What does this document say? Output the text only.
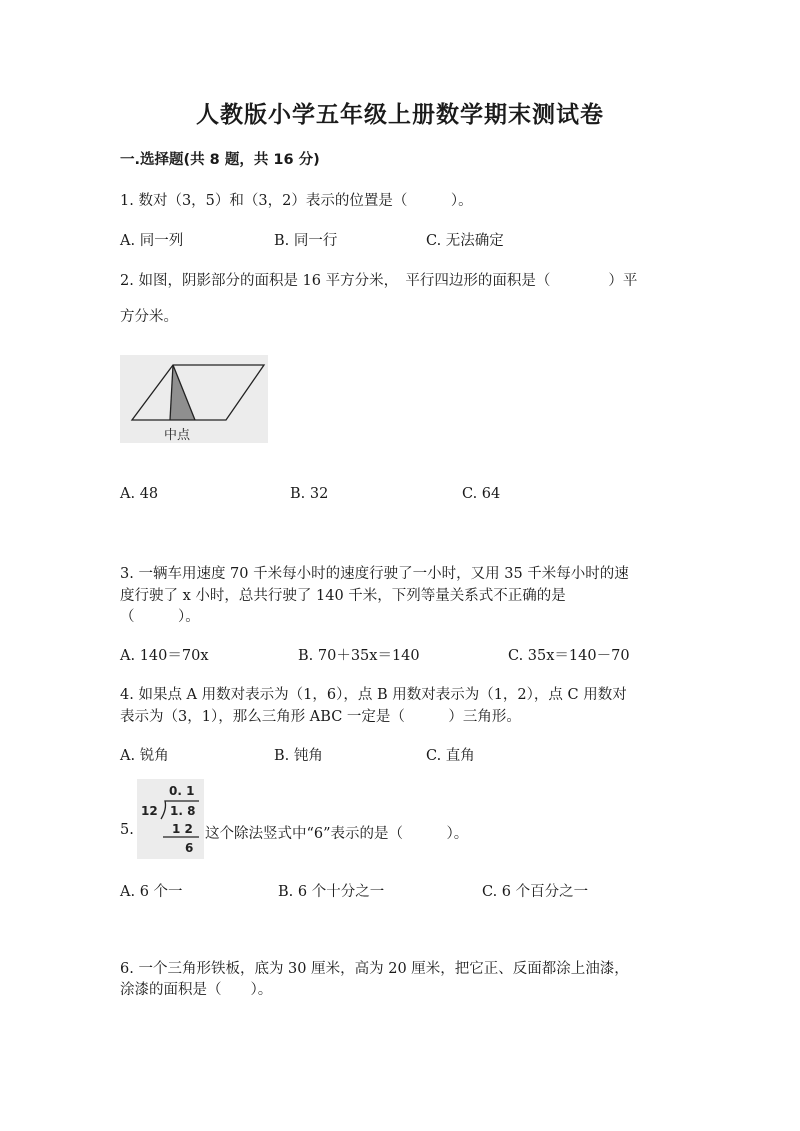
人教版小学五年级上册数学期末测试卷
一.选择题(共 8 题，共 16 分)
1. 数对（3，5）和（3，2）表示的位置是（　　　）。
A. 同一列	B. 同一行	C. 无法确定
2. 如图，阴影部分的面积是 16 平方分米，　平行四边形的面积是（　　　　）平
方分米。
中点
A. 48	B. 32	C. 64
3. 一辆车用速度 70 千米每小时的速度行驶了一小时，又用 35 千米每小时的速
度行驶了 x 小时，总共行驶了 140 千米，下列等量关系式不正确的是
（　　　）。
A. 140＝70x	B. 70＋35x＝140	C. 35x＝140－70
4. 如果点 A 用数对表示为（1，6），点 B 用数对表示为（1，2），点 C 用数对
表示为（3，1），那么三角形 ABC 一定是（　　　）三角形。
A. 锐角	B. 钝角	C. 直角
5.
0. 1
12 1. 8
1 2
6
这个除法竖式中“6”表示的是（　　　）。
A. 6 个一	B. 6 个十分之一	C. 6 个百分之一
6. 一个三角形铁板，底为 30 厘米，高为 20 厘米，把它正、反面都涂上油漆，
涂漆的面积是（　　）。
